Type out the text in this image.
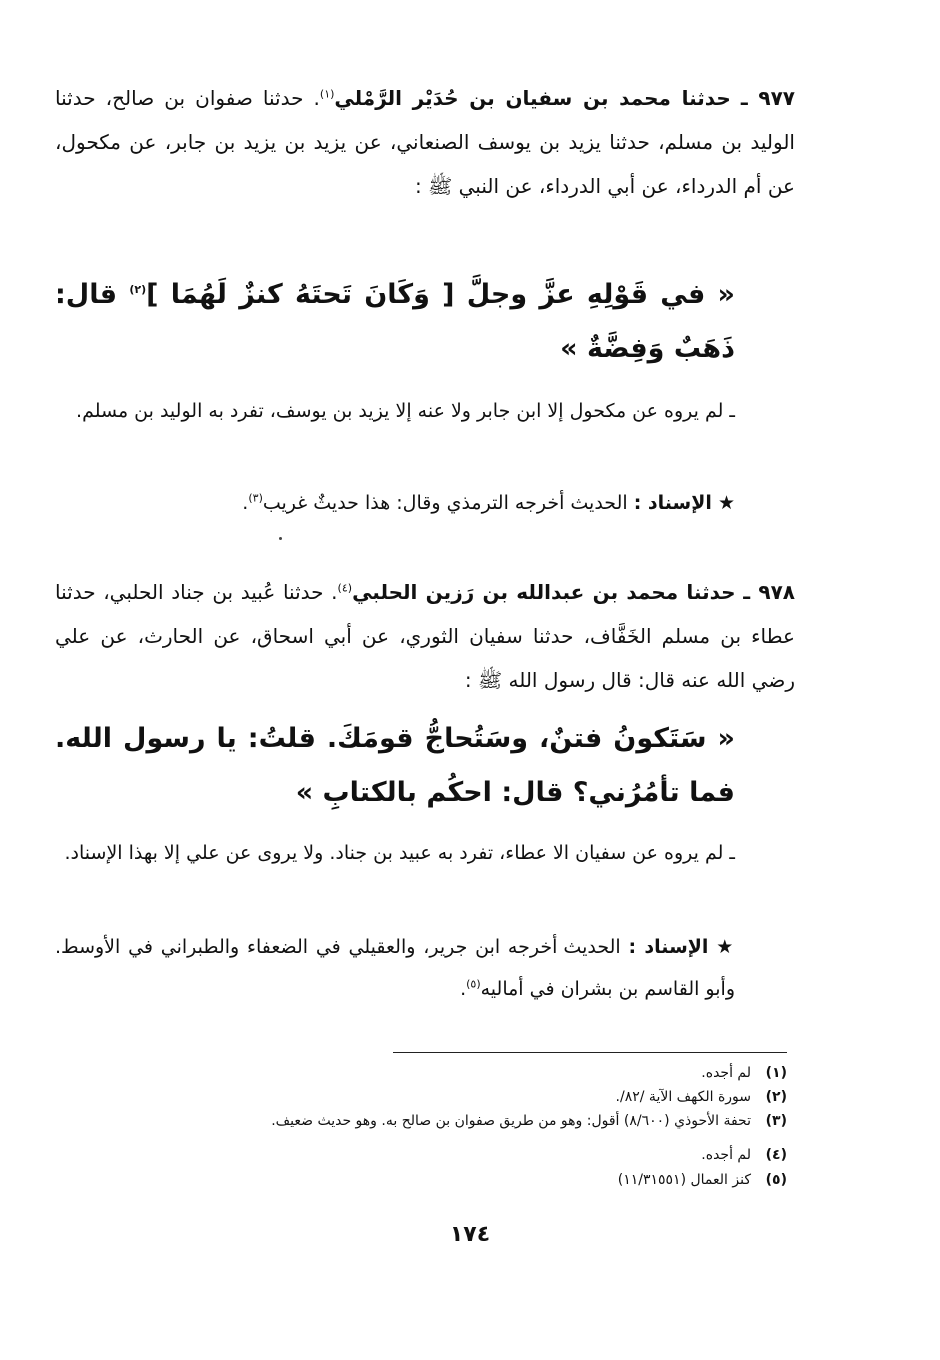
٩٧٧ ـ حدثنا محمد بن سفيان بن حُدَيْر الرَّمْلي$^{(١)}$. حدثنا صفوان بن صالح، حدثنا الوليد بن مسلم، حدثنا يزيد بن يوسف الصنعاني، عن يزيد بن يزيد بن جابر، عن مكحول، عن أم الدرداء، عن أبي الدرداء، عن النبي ﷺ :
« في قَوْلِهِ عزَّ وجلَّ [ وَكَانَ تَحتَهُ كنزٌ لَهُمَا ]$^{(٢)}$ قال: ذَهَبٌ وَفِضَّةٌ »
ـ لم يروه عن مكحول إلا ابن جابر ولا عنه إلا يزيد بن يوسف، تفرد به الوليد بن مسلم.
★ الإسناد : الحديث أخرجه الترمذي وقال: هذا حديثٌ غريب$^{(٣)}$.
٩٧٨ ـ حدثنا محمد بن عبدالله بن رَزين الحلبي$^{(٤)}$. حدثنا عُبيد بن جناد الحلبي، حدثنا عطاء بن مسلم الخَفَّاف، حدثنا سفيان الثوري، عن أبي اسحاق، عن الحارث، عن علي رضي الله عنه قال: قال رسول الله ﷺ :
« سَتَكونُ فتنٌ، وسَتُحاجُّ قومَكَ. قلتُ: يا رسول الله. فما تأمُرُني؟ قال: احكُم بالكتابِ »
ـ لم يروه عن سفيان الا عطاء، تفرد به عبيد بن جناد. ولا يروى عن علي إلا بهذا الإسناد.
★ الإسناد : الحديث أخرجه ابن جرير، والعقيلي في الضعفاء والطبراني في الأوسط. وأبو القاسم بن بشران في أماليه$^{(٥)}$.
(١)لم أجده.
(٢)سورة الكهف الآية /٨٢/.
(٣)تحفة الأحوذي (٨/٦٠٠) أقول: وهو من طريق صفوان بن صالح به. وهو حديث ضعيف.
(٤)لم أجده.
(٥)كنز العمال (١١/٣١٥٥١)
١٧٤
